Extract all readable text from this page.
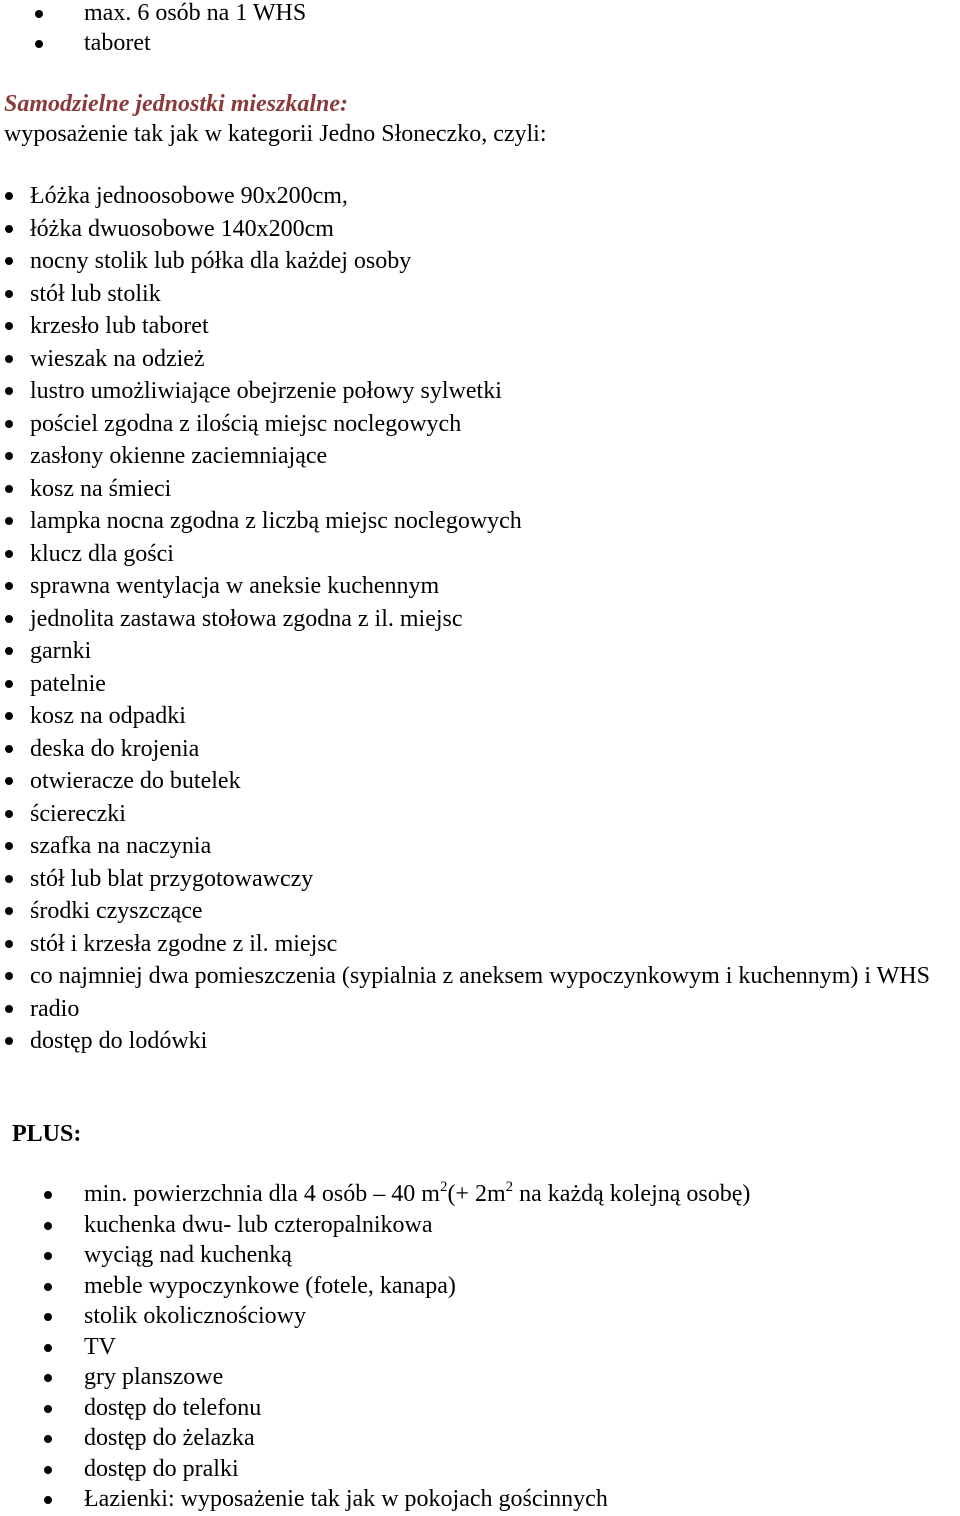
max. 6 osób na 1 WHS
taboret
Samodzielne jednostki mieszkalne:
wyposażenie tak jak w kategorii Jedno Słoneczko, czyli:
Łóżka jednoosobowe 90x200cm,
łóżka dwuosobowe 140x200cm
nocny stolik lub półka dla każdej osoby
stół lub stolik
krzesło lub taboret
wieszak na odzież
lustro umożliwiające obejrzenie połowy sylwetki
pościel zgodna z ilością miejsc noclegowych
zasłony okienne zaciemniające
kosz na śmieci
lampka nocna zgodna z liczbą miejsc noclegowych
klucz dla gości
sprawna wentylacja w aneksie kuchennym
jednolita zastawa stołowa zgodna z il. miejsc
garnki
patelnie
kosz na odpadki
deska do krojenia
otwieracze do butelek
ściereczki
szafka na naczynia
stół lub blat przygotowawczy
środki czyszczące
stół i krzesła zgodne z il. miejsc
co najmniej dwa pomieszczenia (sypialnia z aneksem wypoczynkowym i kuchennym) i WHS
radio
dostęp do lodówki
PLUS:
min. powierzchnia dla 4 osób – 40 $m^2(+ 2m^2$ na każdą kolejną osobę)
kuchenka dwu- lub czteropalnikowa
wyciąg nad kuchenką
meble wypoczynkowe (fotele, kanapa)
stolik okolicznościowy
TV
gry planszowe
dostęp do telefonu
dostęp do żelazka
dostęp do pralki
Łazienki: wyposażenie tak jak w pokojach gościnnych
